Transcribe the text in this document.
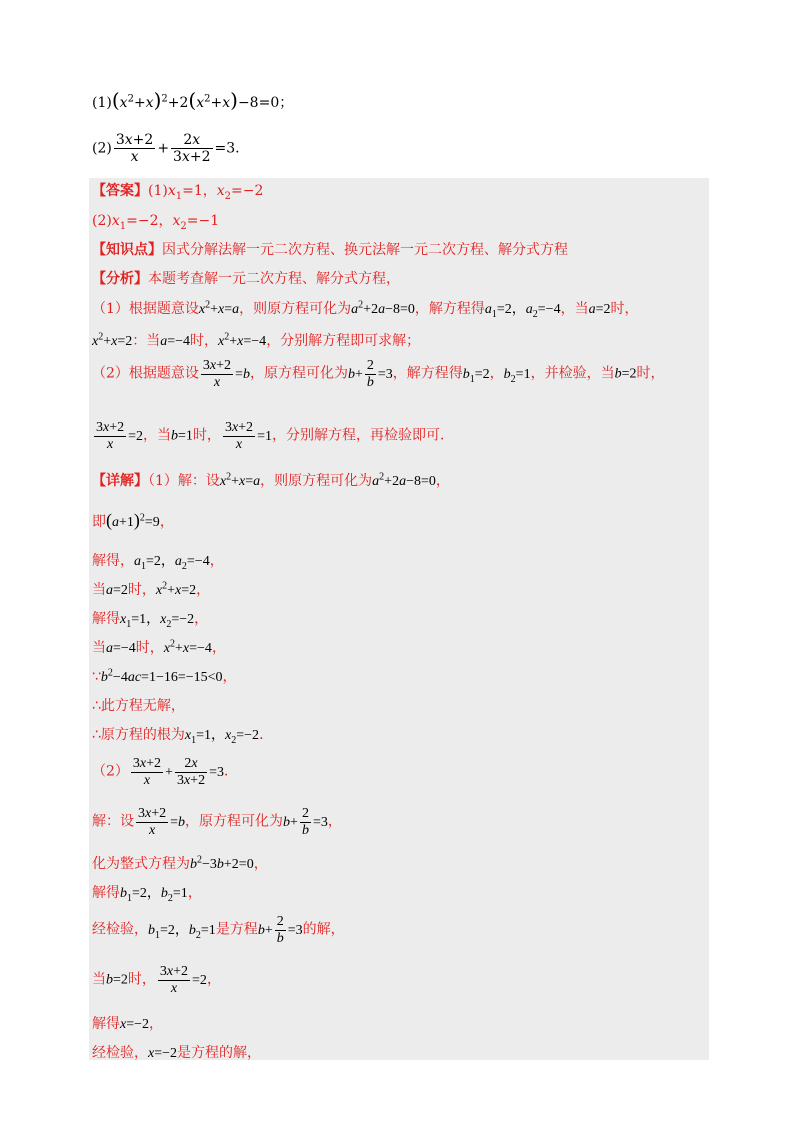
$(1)(x^2+x)^2+2(x^2+x)-8=0$；
$(2) \frac{3x+2}{x} + \frac{2x}{3x+2} =3$.
【答案】$(1)x_1=1$，$x_2=-2$
$(2)x_1=-2$，$x_2=-1$
【知识点】因式分解法解一元二次方程、换元法解一元二次方程、解分式方程
【分析】本题考查解一元二次方程、解分式方程，
（1）根据题意设$x^2+x=a$，则原方程可化为$a^2+2a-8=0$，解方程得$a_1=2$，$a_2=-4$，当a=2时，
$x^2+x=2$：当a=−4时，$x^2+x=-4$，分别解方程即可求解；
（2）根据题意设 $\frac{3x+2}{x} =b$，原方程可化为$b+ \frac{2}{b} =3$，解方程得$b_1=2$，$b_2=1$，并检验，当b=2时，
$\frac{3x+2}{x} =2$，当b=1时， $\frac{3x+2}{x} =1$，分别解方程，再检验即可．
【详解】（1）解：设$x^2+x=a$，则原方程可化为$a^2+2a-8=0$，
即$(a+1)^2=9$，
解得，$a_1=2$，$a_2=-4$，
当a=2时，$x^2+x=2$，
解得$x_1=1$，$x_2=-2$，
当a=−4时，$x^2+x=-4$，
$\because b^2-4ac=1-16=-15<0$，
∴此方程无解，
∴原方程的根为$x_1=1$，$x_2=-2$．
$(2) \frac{3x+2}{x} + \frac{2x}{3x+2} =3$．
解：设 $\frac{3x+2}{x} =b$，原方程可化为$b+ \frac{2}{b} =3$，
化为整式方程为$b^2-3b+2=0$，
解得$b_1=2$，$b_2=1$，
经检验，$b_1=2$，$b_2=1$是方程$b+ \frac{2}{b} =3$的解，
当b=2时， $\frac{3x+2}{x} =2$，
解得x=−2，
经检验，x=−2是方程的解，
